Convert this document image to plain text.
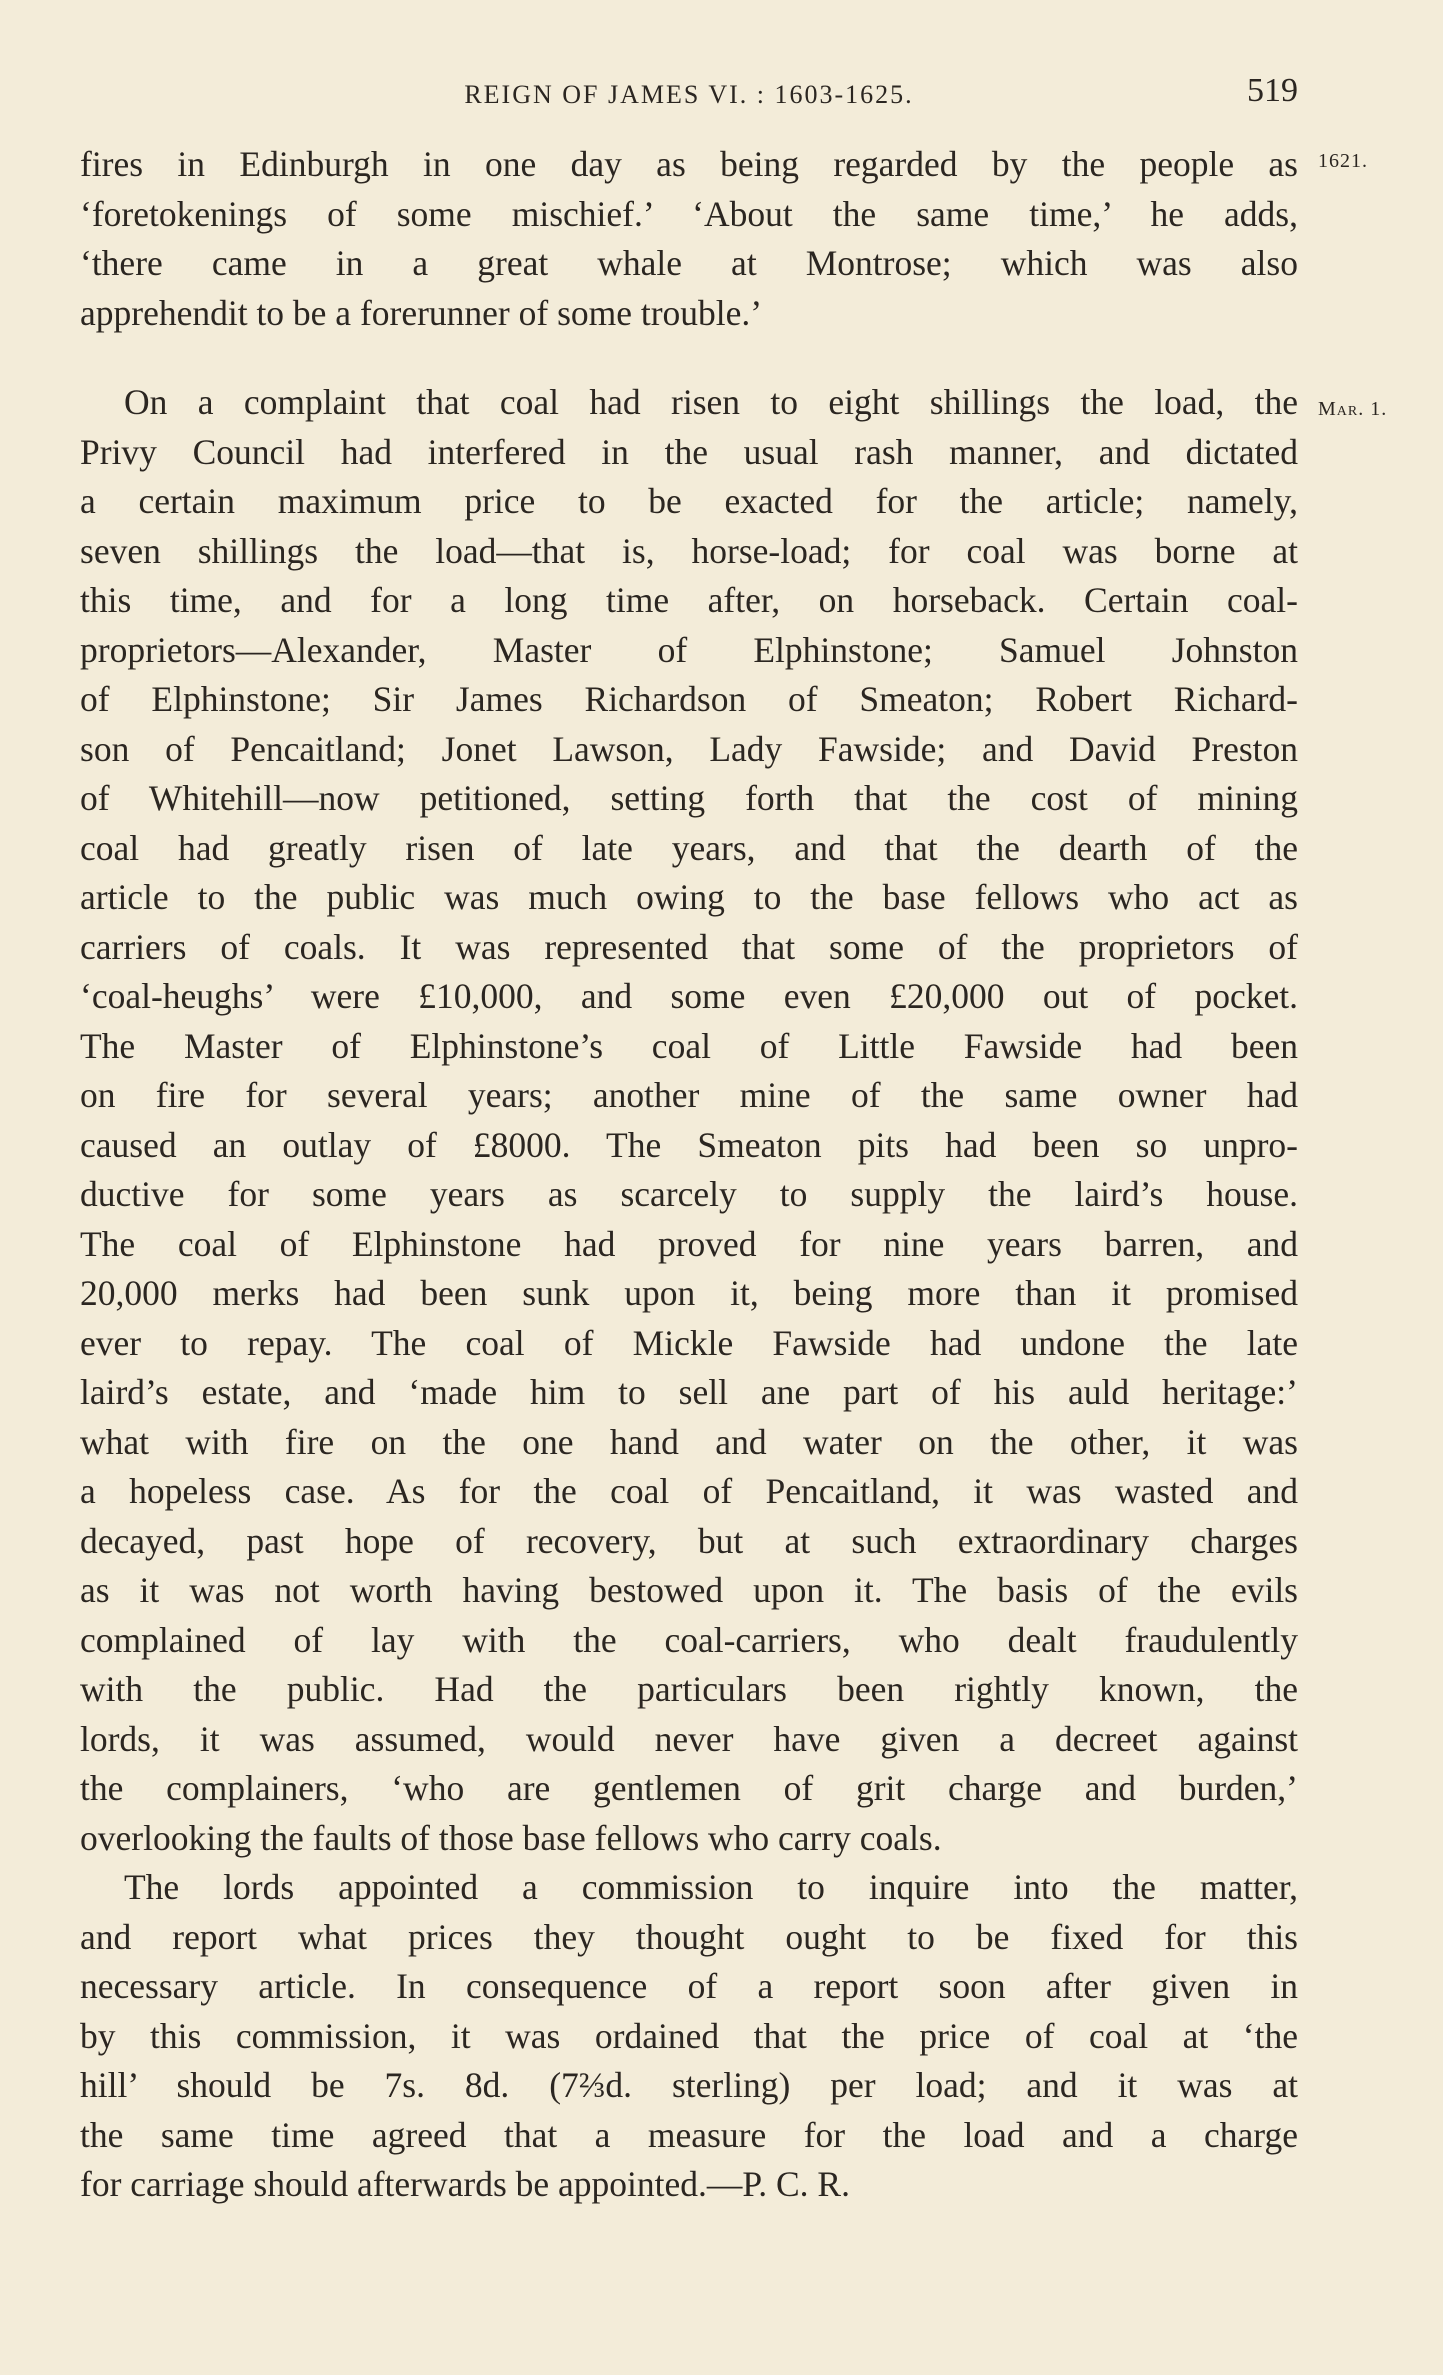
REIGN OF JAMES VI. : 1603-1625.	519
1621.
Mar. 1.
fires in Edinburgh in one day as being regarded by the people as
‘foretokenings of some mischief.’ ‘About the same time,’ he adds,
‘there came in a great whale at Montrose; which was also
apprehendit to be a forerunner of some trouble.’
On a complaint that coal had risen to eight shillings the load, the
Privy Council had interfered in the usual rash manner, and dictated
a certain maximum price to be exacted for the article; namely,
seven shillings the load—that is, horse-load; for coal was borne at
this time, and for a long time after, on horseback. Certain coal-
proprietors—Alexander, Master of Elphinstone; Samuel Johnston
of Elphinstone; Sir James Richardson of Smeaton; Robert Richard-
son of Pencaitland; Jonet Lawson, Lady Fawside; and David Preston
of Whitehill—now petitioned, setting forth that the cost of mining
coal had greatly risen of late years, and that the dearth of the
article to the public was much owing to the base fellows who act as
carriers of coals. It was represented that some of the proprietors of
‘coal-heughs’ were £10,000, and some even £20,000 out of pocket.
The Master of Elphinstone’s coal of Little Fawside had been
on fire for several years; another mine of the same owner had
caused an outlay of £8000. The Smeaton pits had been so unpro-
ductive for some years as scarcely to supply the laird’s house.
The coal of Elphinstone had proved for nine years barren, and
20,000 merks had been sunk upon it, being more than it promised
ever to repay. The coal of Mickle Fawside had undone the late
laird’s estate, and ‘made him to sell ane part of his auld heritage:’
what with fire on the one hand and water on the other, it was
a hopeless case. As for the coal of Pencaitland, it was wasted and
decayed, past hope of recovery, but at such extraordinary charges
as it was not worth having bestowed upon it. The basis of the evils
complained of lay with the coal-carriers, who dealt fraudulently
with the public. Had the particulars been rightly known, the
lords, it was assumed, would never have given a decreet against
the complainers, ‘who are gentlemen of grit charge and burden,’
overlooking the faults of those base fellows who carry coals.
The lords appointed a commission to inquire into the matter,
and report what prices they thought ought to be fixed for this
necessary article. In consequence of a report soon after given in
by this commission, it was ordained that the price of coal at ‘the
hill’ should be 7s. 8d. (7⅔d. sterling) per load; and it was at
the same time agreed that a measure for the load and a charge
for carriage should afterwards be appointed.—P. C. R.
